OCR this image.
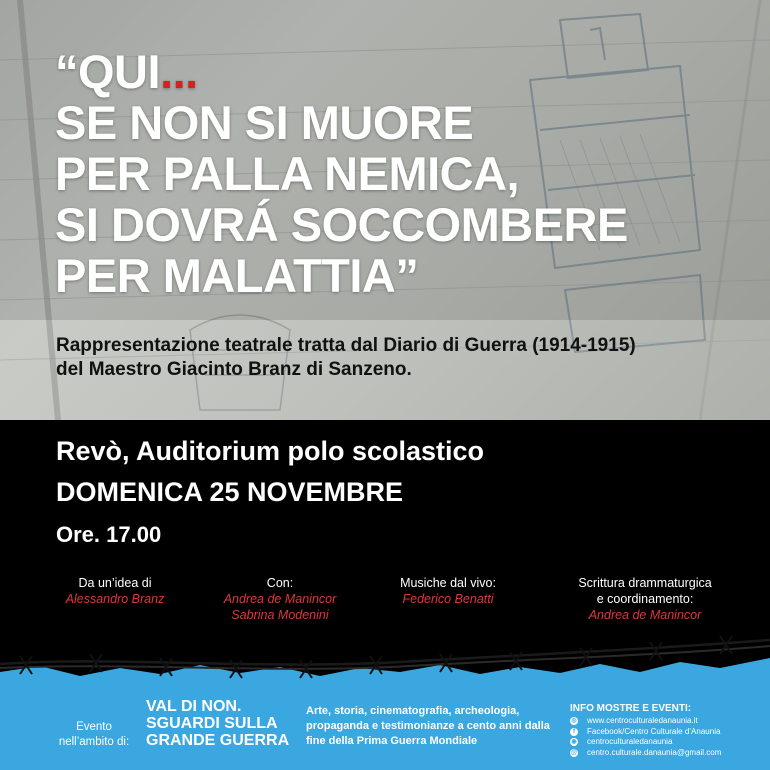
“QUI...
SE NON SI MUORE
PER PALLA NEMICA,
SI DOVRÁ SOCCOMBERE
PER MALATTIA”
Rappresentazione teatrale tratta dal Diario di Guerra (1914-1915)
del Maestro Giacinto Branz di Sanzeno.
Revò, Auditorium polo scolastico
DOMENICA 25 NOVEMBRE
Ore. 17.00
Da un’idea di
Alessandro Branz
Con:
Andrea de Manincor
Sabrina Modenini
Musiche dal vivo:
Federico Benatti
Scrittura drammaturgica
e coordinamento:
Andrea de Manincor
Evento
nell’ambito di:
VAL DI NON.
SGUARDI SULLA
GRANDE GUERRA
Arte, storia, cinematografia, archeologia,
propaganda e testimonianze a cento anni dalla
fine della Prima Guerra Mondiale
INFO MOSTRE E EVENTI:
◎ www.centroculturaledanaunia.it
f	Facebook/Centro Culturale d’Anaunia
◉ centroculturaledanaunia
@ centro.culturale.danaunia@gmail.com
